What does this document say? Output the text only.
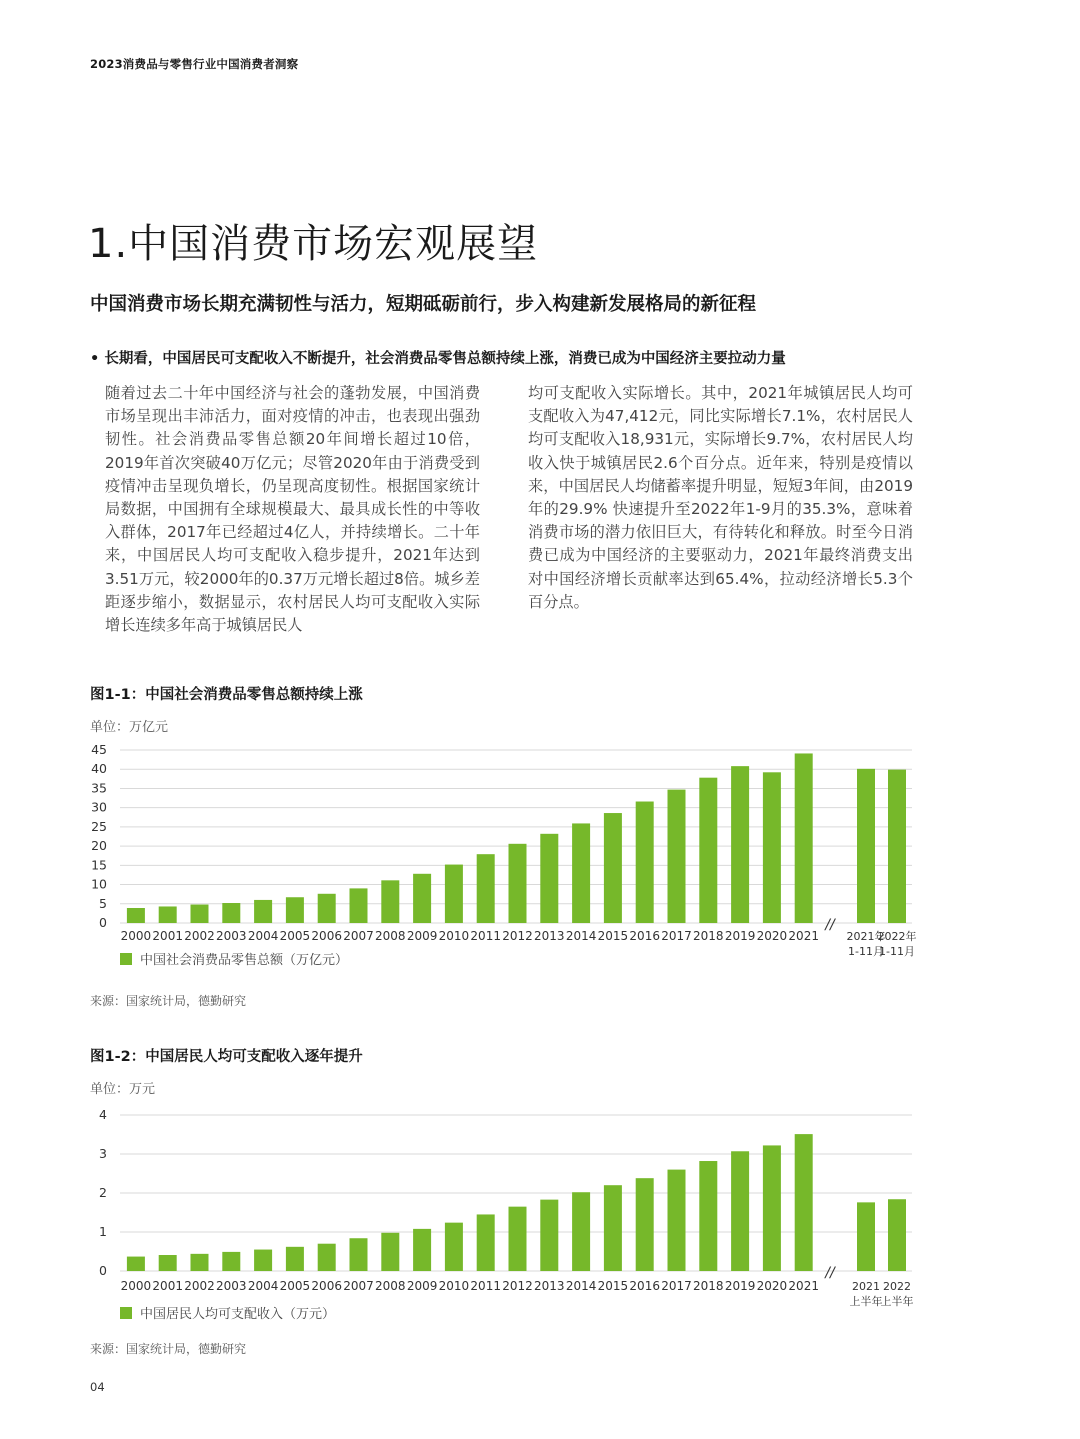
2023消费品与零售行业中国消费者洞察
1.中国消费市场宏观展望
中国消费市场长期充满韧性与活力，短期砥砺前行，步入构建新发展格局的新征程
• 长期看，中国居民可支配收入不断提升，社会消费品零售总额持续上涨，消费已成为中国经济主要拉动力量
随着过去二十年中国经济与社会的蓬勃发展，中国消费市场呈现出丰沛活力，面对疫情的冲击，也表现出强劲韧性。社会消费品零售总额20年间增长超过10倍，2019年首次突破40万亿元；尽管2020年由于消费受到疫情冲击呈现负增长，仍呈现高度韧性。根据国家统计局数据，中国拥有全球规模最大、最具成长性的中等收入群体，2017年已经超过4亿人，并持续增长。二十年来，中国居民人均可支配收入稳步提升，2021年达到3.51万元，较2000年的0.37万元增长超过8倍。城乡差距逐步缩小，数据显示，农村居民人均可支配收入实际增长连续多年高于城镇居民人
均可支配收入实际增长。其中，2021年城镇居民人均可支配收入为47,412元，同比实际增长7.1%，农村居民人均可支配收入18,931元，实际增长9.7%，农村居民人均收入快于城镇居民2.6个百分点。近年来，特别是疫情以来，中国居民人均储蓄率提升明显，短短3年间，由2019年的29.9% 快速提升至2022年1-9月的35.3%，意味着消费市场的潜力依旧巨大，有待转化和释放。时至今日消费已成为中国经济的主要驱动力，2021年最终消费支出对中国经济增长贡献率达到65.4%，拉动经济增长5.3个百分点。
图1-1：中国社会消费品零售总额持续上涨
单位：万亿元
0
5
10
15
20
25
30
35
40
45
2000 2001 2002 2003 2004 2005 2006 2007 2008 2009 2010 2011 2012 2013 2014 2015 2016 2017 2018 2019 2020 2021
//
2021年
1-11月
2022年
1-11月
中国社会消费品零售总额（万亿元）
来源：国家统计局，德勤研究
图1-2：中国居民人均可支配收入逐年提升
单位：万元
0
1
2
3
4
2000 2001 2002 2003 2004 2005 2006 2007 2008 2009 2010 2011 2012 2013 2014 2015 2016 2017 2018 2019 2020 2021
//
2021
上半年
2022
上半年
中国居民人均可支配收入（万元）
来源：国家统计局，德勤研究
04
